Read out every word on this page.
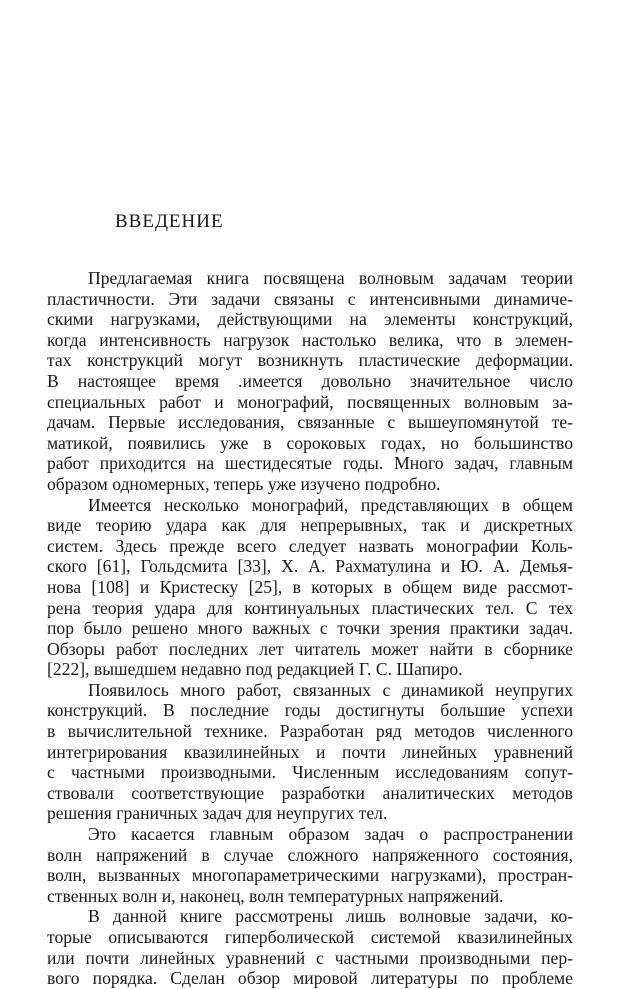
ВВЕДЕНИЕ
Предлагаемая книга посвящена волновым задачам теории
пластичности. Эти задачи связаны с интенсивными динамиче-
скими нагрузками, действующими на элементы конструкций,
когда интенсивность нагрузок настолько велика, что в элемен-
тах конструкций могут возникнуть пластические деформации.
В настоящее время .имеется довольно значительное число
специальных работ и монографий, посвященных волновым за-
дачам. Первые исследования, связанные с вышеупомянутой те-
матикой, появились уже в сороковых годах, но большинство
работ приходится на шестидесятые годы. Много задач, главным
образом одномерных, теперь уже изучено подробно.
Имеется несколько монографий, представляющих в общем
виде теорию удара как для непрерывных, так и дискретных
систем. Здесь прежде всего следует назвать монографии Коль-
ского [61], Гольдсмита [33], Х. А. Рахматулина и Ю. А. Демья-
нова [108] и Кристеску [25], в которых в общем виде рассмот-
рена теория удара для континуальных пластических тел. С тех
пор было решено много важных с точки зрения практики задач.
Обзоры работ последних лет читатель может найти в сборнике
[222], вышедшем недавно под редакцией Г. С. Шапиро.
Появилось много работ, связанных с динамикой неупругих
конструкций. В последние годы достигнуты большие успехи
в вычислительной технике. Разработан ряд методов численного
интегрирования квазилинейных и почти линейных уравнений
с частными производными. Численным исследованиям сопут-
ствовали соответствующие разработки аналитических методов
решения граничных задач для неупругих тел.
Это касается главным образом задач о распространении
волн напряжений в случае сложного напряженного состояния,
волн, вызванных многопараметрическими нагрузками), простран-
ственных волн и, наконец, волн температурных напряжений.
В данной книге рассмотрены лишь волновые задачи, ко-
торые описываются гиперболической системой квазилинейных
или почти линейных уравнений с частными производными пер-
вого порядка. Сделан обзор мировой литературы по проблеме
